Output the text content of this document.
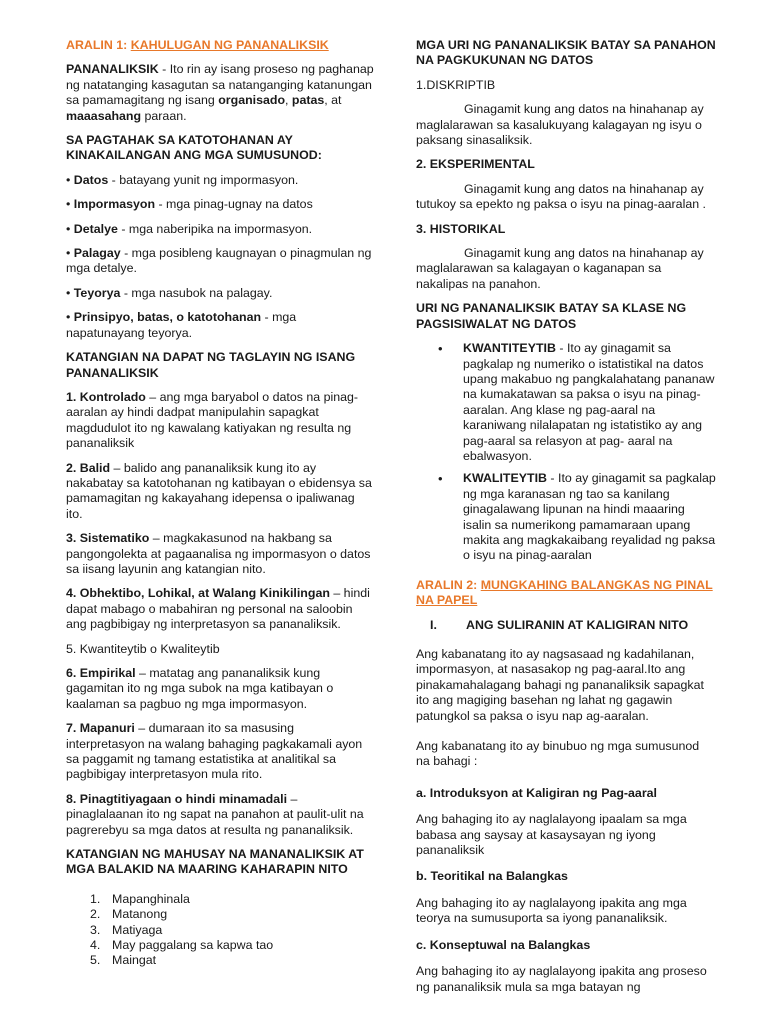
ARALIN 1: KAHULUGAN NG PANANALIKSIK

PANANALIKSIK - Ito rin ay isang proseso ng paghanap ng natatanging kasagutan sa natanganging katanungan sa pamamagitang ng isang organisado, patas, at maaasahang paraan.

SA PAGTAHAK SA KATOTOHANAN AY KINAKAILANGAN ANG MGA SUMUSUNOD:

• Datos - batayang yunit ng impormasyon.

• Impormasyon - mga pinag-ugnay na datos

• Detalye - mga naberipika na impormasyon.

• Palagay - mga posibleng kaugnayan o pinagmulan ng mga detalye.

• Teyorya - mga nasubok na palagay.

• Prinsipyo, batas, o katotohanan - mga napatunayang teyorya.

KATANGIAN NA DAPAT NG TAGLAYIN NG ISANG PANANALIKSIK

1. Kontrolado – ang mga baryabol o datos na pinag-aaralan ay hindi dadpat manipulahin sapagkat magdudulot ito ng kawalang katiyakan ng resulta ng pananaliksik

2. Balid – balido ang pananaliksik kung ito ay nakabatay sa katotohanan ng katibayan o ebidensya sa pamamagitan ng kakayahang idepensa o ipaliwanag ito.

3. Sistematiko – magkakasunod na hakbang sa pangongolekta at pagaanalisa ng impormasyon o datos sa iisang layunin ang katangian nito.

4. Obhektibo, Lohikal, at Walang Kinikilingan – hindi dapat mabago o mabahiran ng personal na saloobin ang pagbibigay ng interpretasyon sa pananaliksik.

5. Kwantiteytib o Kwaliteytib

6. Empirikal – matatag ang pananaliksik kung gagamitan ito ng mga subok na mga katibayan o kaalaman sa pagbuo ng mga impormasyon.

7. Mapanuri – dumaraan ito sa masusing interpretasyon na walang bahaging pagkakamali ayon sa paggamit ng tamang estatistika at analitikal sa pagbibigay interpretasyon mula rito.

8. Pinagtitiyagaan o hindi minamadali – pinaglalaanan ito ng sapat na panahon at paulit-ulit na pagrerebyu sa mga datos at resulta ng pananaliksik.

KATANGIAN NG MAHUSAY NA MANANALIKSIK AT MGA BALAKID NA MAARING KAHARAPIN NITO

1. Mapanghinala
2. Matanong
3. Matiyaga
4. May paggalang sa kapwa tao
5. Maingat

MGA URI NG PANANALIKSIK BATAY SA PANAHON NA PAGKUKUNAN NG DATOS

1.DISKRIPTIB

Ginagamit kung ang datos na hinahanap ay maglalarawan sa kasalukuyang kalagayan ng isyu o paksang sinasaliksik.

2. EKSPERIMENTAL

Ginagamit kung ang datos na hinahanap ay tutukoy sa epekto ng paksa o isyu na pinag-aaralan .

3. HISTORIKAL

Ginagamit kung ang datos na hinahanap ay maglalarawan sa kalagayan o kaganapan sa nakalipas na panahon.

URI NG PANANALIKSIK BATAY SA KLASE NG PAGSISIWALAT NG DATOS

•	KWANTITEYTIB - Ito ay ginagamit sa pagkalap ng numeriko o istatistikal na datos upang makabuo ng pangkalahatang pananaw na kumakatawan sa paksa o isyu na pinag- aaralan. Ang klase ng pag-aaral na karaniwang nilalapatan ng istatistiko ay ang pag-aaral sa relasyon at pag- aaral na ebalwasyon.
•	KWALITEYTIB - Ito ay ginagamit sa pagkalap ng mga karanasan ng tao sa kanilang ginagalawang lipunan na hindi maaaring isalin sa numerikong pamamaraan upang makita ang magkakaibang reyalidad ng paksa o isyu na pinag-aaralan

ARALIN 2: MUNGKAHING BALANGKAS NG PINAL NA PAPEL

I.	ANG SULIRANIN AT KALIGIRAN NITO

Ang kabanatang ito ay nagsasaad ng kadahilanan, impormasyon, at nasasakop ng pag-aaral.Ito ang pinakamahalagang bahagi ng pananaliksik sapagkat ito ang magiging basehan ng lahat ng gagawin patungkol sa paksa o isyu nap ag-aaralan.

Ang kabanatang ito ay binubuo ng mga sumusunod na bahagi :

a. Introduksyon at Kaligiran ng Pag-aaral

Ang bahaging ito ay naglalayong ipaalam sa mga babasa ang saysay at kasaysayan ng iyong pananaliksik

b. Teoritikal na Balangkas

Ang bahaging ito ay naglalayong ipakita ang mga teorya na sumusuporta sa iyong pananaliksik.

c. Konseptuwal na Balangkas

Ang bahaging ito ay naglalayong ipakita ang proseso ng pananaliksik mula sa mga batayan ng
